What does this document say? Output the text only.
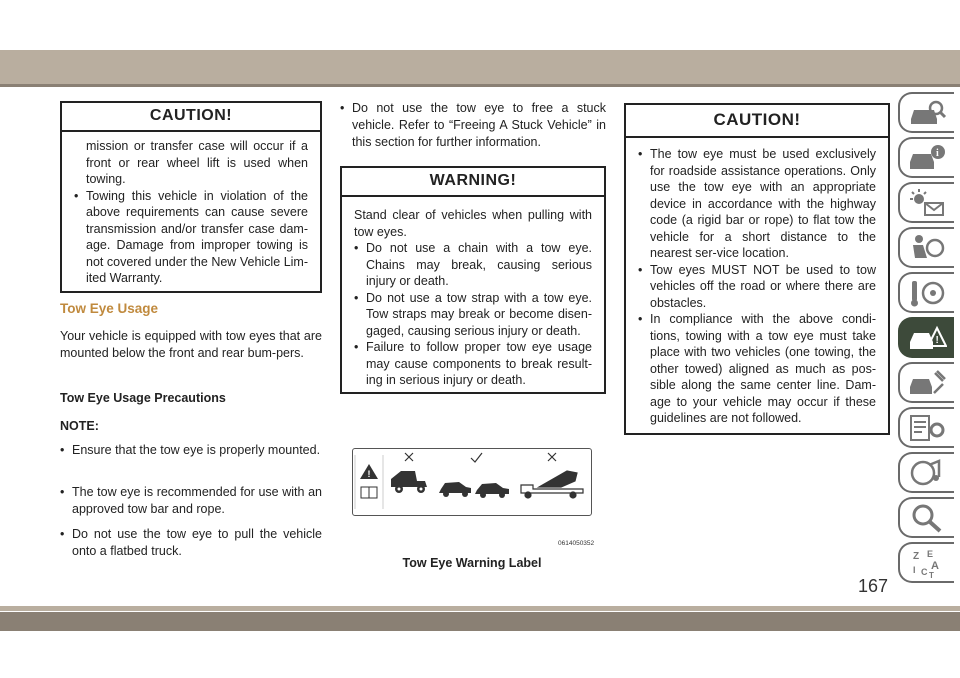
CAUTION!

mission or transfer case will occur if a front or rear wheel lift is used when towing.

• Towing this vehicle in violation of the above requirements can cause severe transmission and/or transfer case dam-age. Damage from improper towing is not covered under the New Vehicle Lim-ited Warranty.

Tow Eye Usage
Your vehicle is equipped with tow eyes that are mounted below the front and rear bum-pers.
Tow Eye Usage Precautions
NOTE:
• Ensure that the tow eye is properly mounted.
• The tow eye is recommended for use with an approved tow bar and rope.
• Do not use the tow eye to pull the vehicle onto a flatbed truck.
• Do not use the tow eye to free a stuck vehicle. Refer to “Freeing A Stuck Vehicle” in this section for further information.
WARNING!

Stand clear of vehicles when pulling with tow eyes.

• Do not use a chain with a tow eye. Chains may break, causing serious injury or death.

• Do not use a tow strap with a tow eye. Tow straps may break or become disen-gaged, causing serious injury or death.

• Failure to follow proper tow eye usage may cause components to break result-ing in serious injury or death.

!
0614050352
Tow Eye Warning Label
CAUTION!

• The tow eye must be used exclusively for roadside assistance operations. Only use the tow eye with an appropriate device in accordance with the highway code (a rigid bar or rope) to flat tow the vehicle for a short distance to the nearest ser-vice location.

• Tow eyes MUST NOT be used to tow vehicles off the road or where there are obstacles.

• In compliance with the above condi-tions, towing with a tow eye must take place with two vehicles (one towing, the other towed) aligned as much as pos-sible along the same center line. Dam-age to your vehicle may occur if these guidelines are not followed.

i
!
Z E
A
I C T
167
